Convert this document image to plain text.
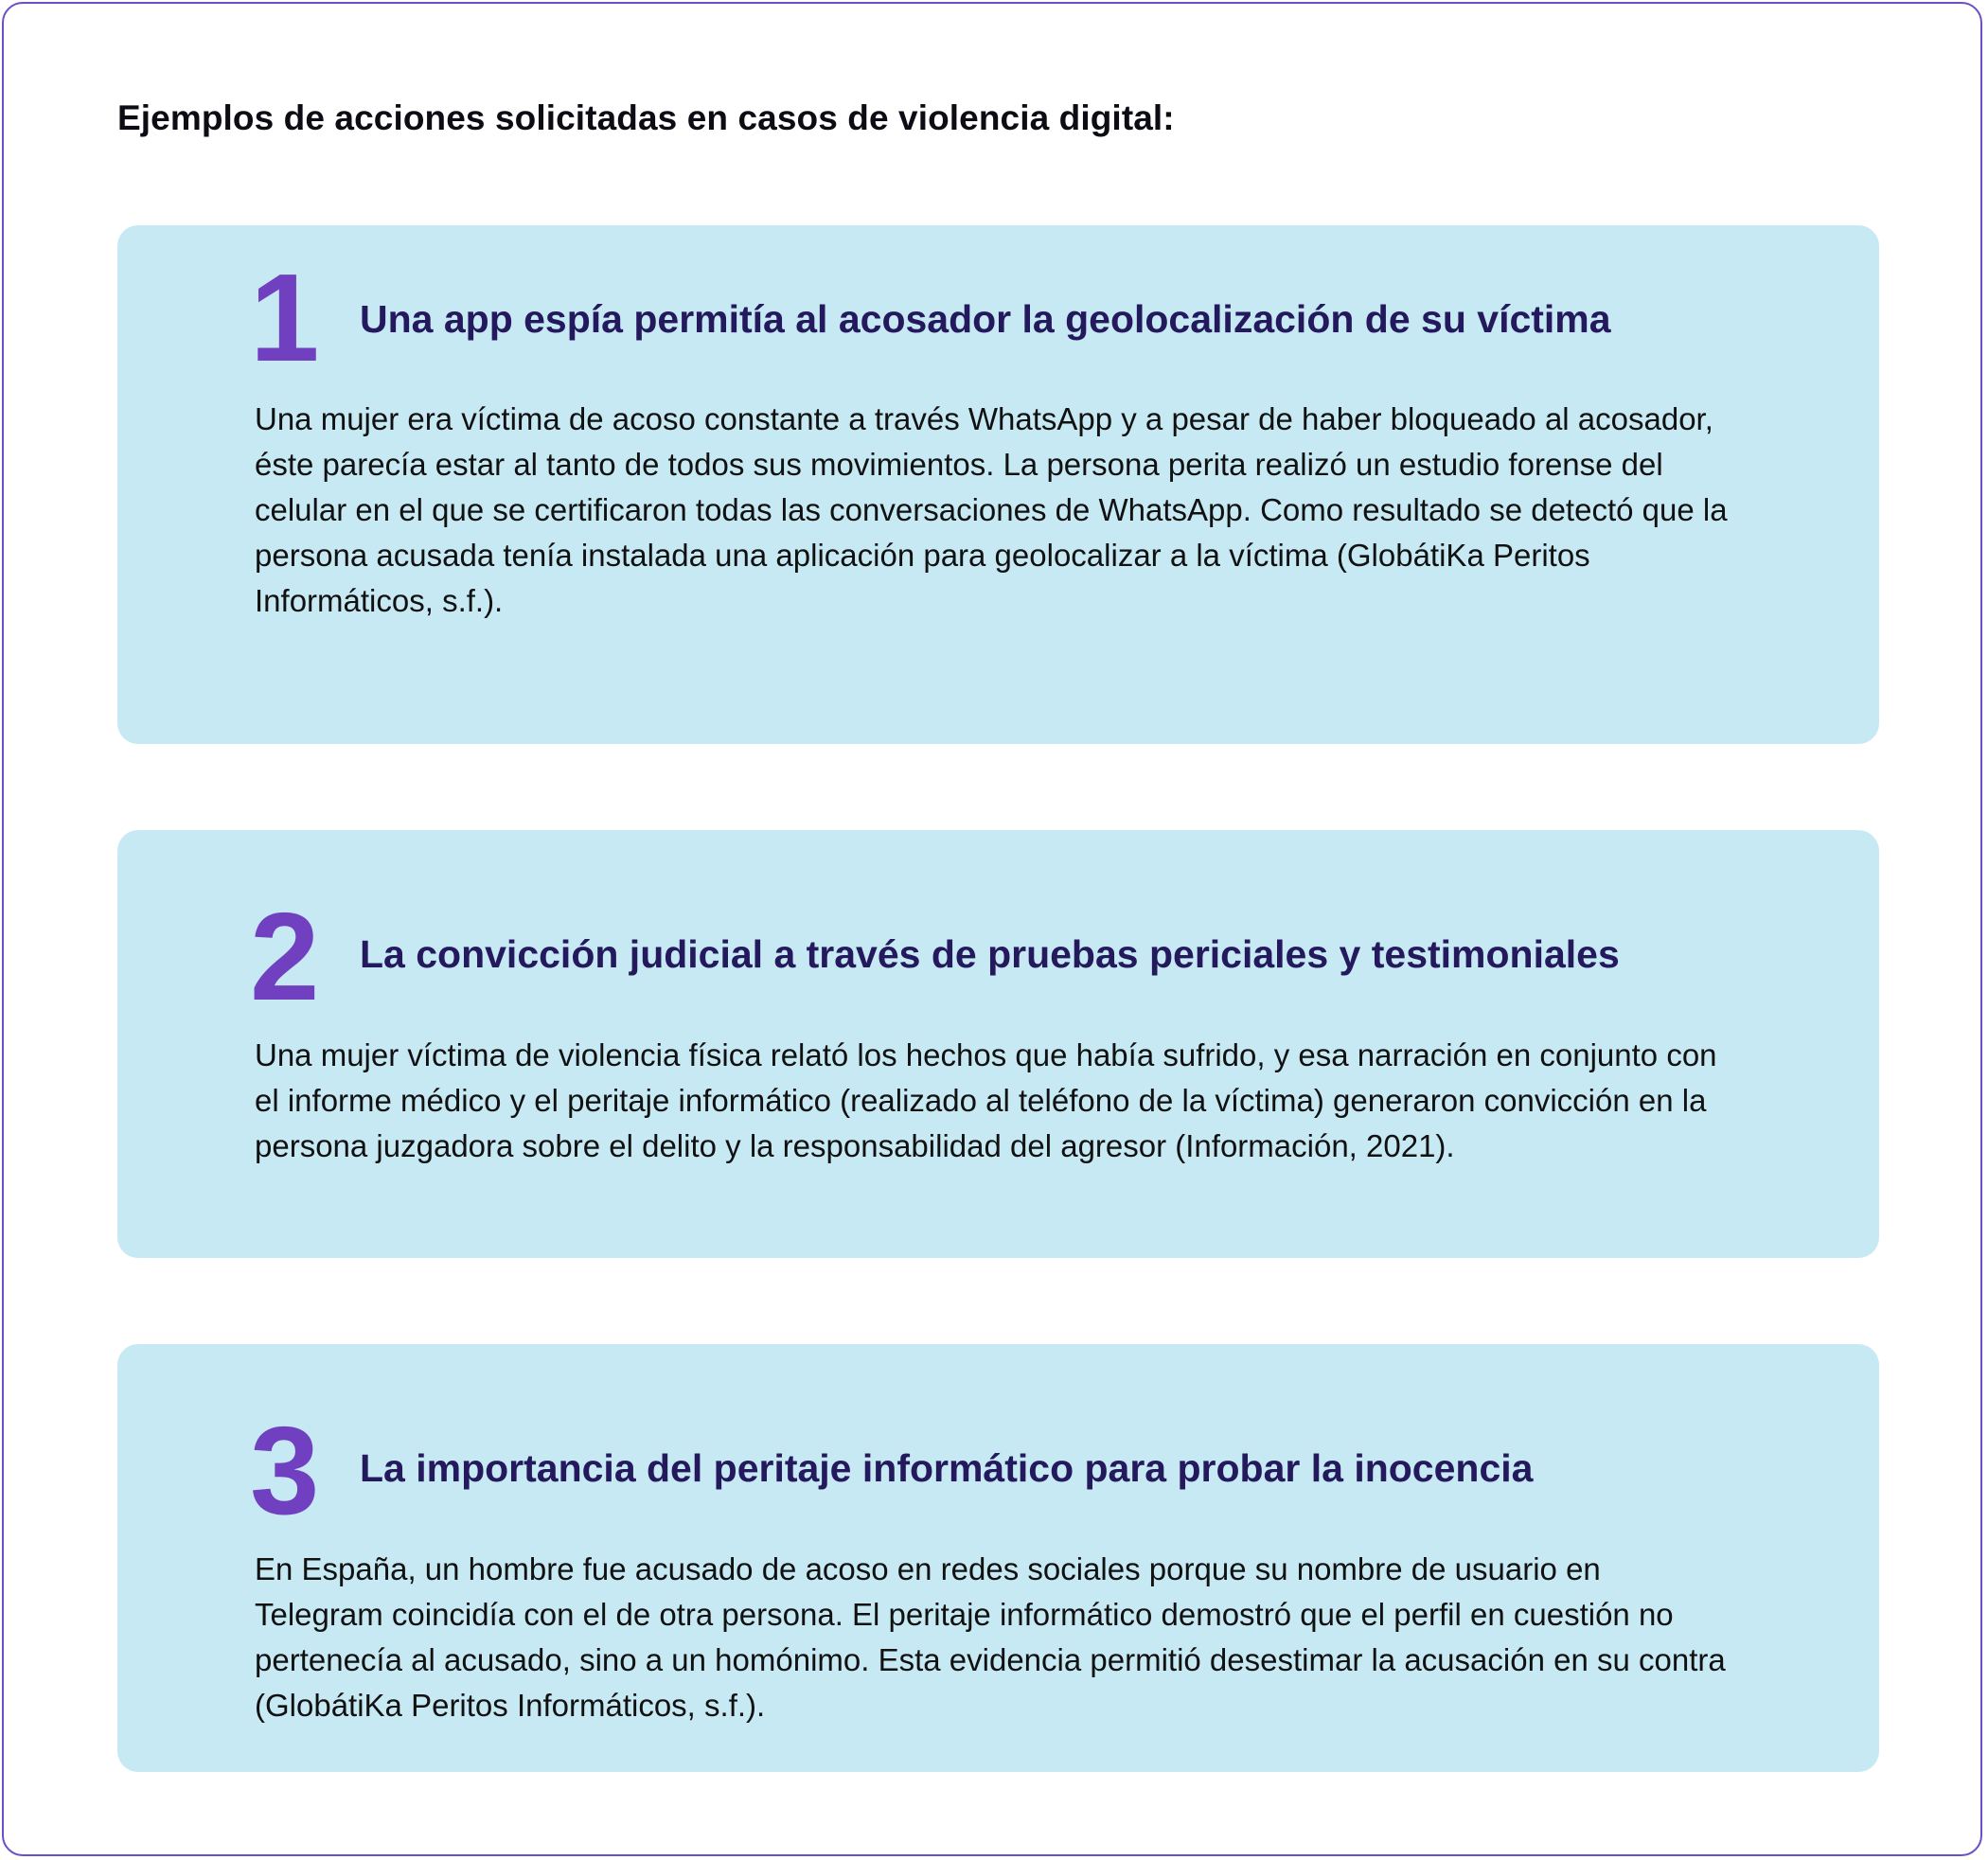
Ejemplos de acciones solicitadas en casos de violencia digital:
1 Una app espía permitía al acosador la geolocalización de su víctima

Una mujer era víctima de acoso constante a través WhatsApp y a pesar de haber bloqueado al acosador, éste parecía estar al tanto de todos sus movimientos. La persona perita realizó un estudio forense del celular en el que se certificaron todas las conversaciones de WhatsApp. Como resultado se detectó que la persona acusada tenía instalada una aplicación para geolocalizar a la víctima (GlobátiKa Peritos Informáticos, s.f.).

2 La convicción judicial a través de pruebas periciales y testimoniales

Una mujer víctima de violencia física relató los hechos que había sufrido, y esa narración en conjunto con el informe médico y el peritaje informático (realizado al teléfono de la víctima) generaron convicción en la persona juzgadora sobre el delito y la responsabilidad del agresor (Información, 2021).

3 La importancia del peritaje informático para probar la inocencia

En España, un hombre fue acusado de acoso en redes sociales porque su nombre de usuario en Telegram coincidía con el de otra persona. El peritaje informático demostró que el perfil en cuestión no pertenecía al acusado, sino a un homónimo. Esta evidencia permitió desestimar la acusación en su contra (GlobátiKa Peritos Informáticos, s.f.).
